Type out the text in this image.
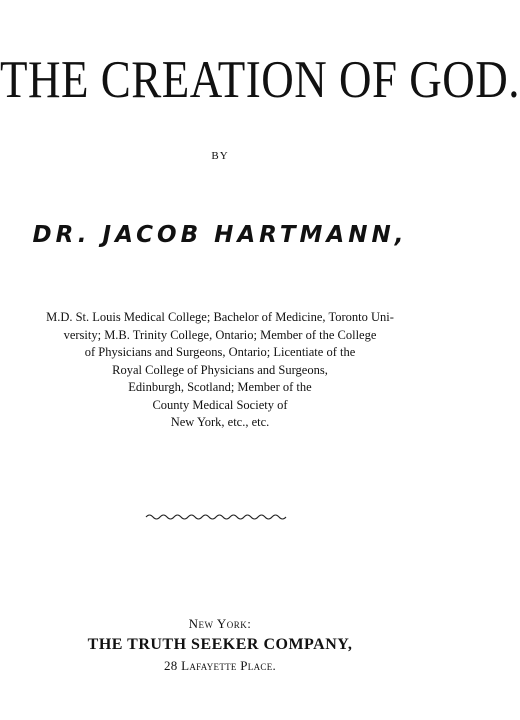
THE CREATION OF GOD.
BY
DR. JACOB HARTMANN,
M.D. St. Louis Medical College; Bachelor of Medicine, Toronto Uni-
versity; M.B. Trinity College, Ontario; Member of the College
of Physicians and Surgeons, Ontario; Licentiate of the
Royal College of Physicians and Surgeons,
Edinburgh, Scotland; Member of the
County Medical Society of
New York, etc., etc.
New York:
THE TRUTH SEEKER COMPANY,
28 Lafayette Place.
